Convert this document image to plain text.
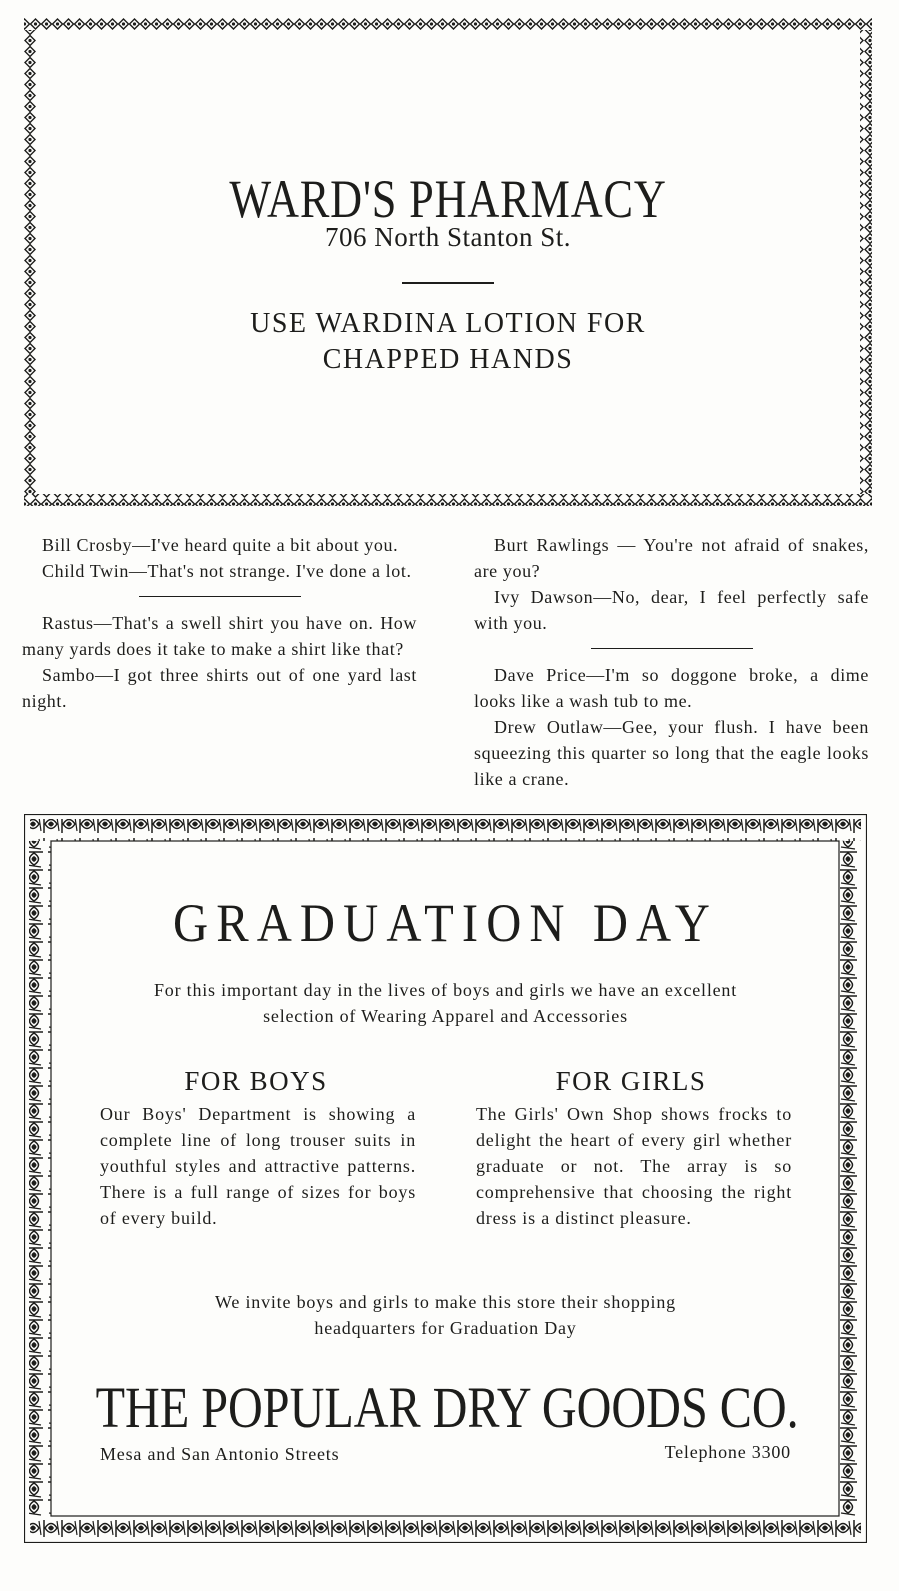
WARD'S PHARMACY
706 North Stanton St.
USE WARDINA LOTION FOR
CHAPPED HANDS

Bill Crosby—I've heard quite a bit about you.

Child Twin—That's not strange. I've done a lot.

Rastus—That's a swell shirt you have on. How many yards does it take to make a shirt like that?

Sambo—I got three shirts out of one yard last night.

Burt Rawlings — You're not afraid of snakes, are you?

Ivy Dawson—No, dear, I feel perfectly safe with you.

Dave Price—I'm so doggone broke, a dime looks like a wash tub to me.

Drew Outlaw—Gee, your flush. I have been squeezing this quarter so long that the eagle looks like a crane.

GRADUATION DAY
For this important day in the lives of boys and girls we have an excellent
selection of Wearing Apparel and Accessories
FOR BOYS
Our Boys' Department is showing a complete line of long trouser suits in youthful styles and attractive patterns. There is a full range of sizes for boys of every build.
FOR GIRLS
The Girls' Own Shop shows frocks to delight the heart of every girl whether graduate or not. The array is so comprehensive that choosing the right dress is a distinct pleasure.
We invite boys and girls to make this store their shopping
headquarters for Graduation Day
THE POPULAR DRY GOODS CO.
Mesa and San Antonio Streets	Telephone 3300
